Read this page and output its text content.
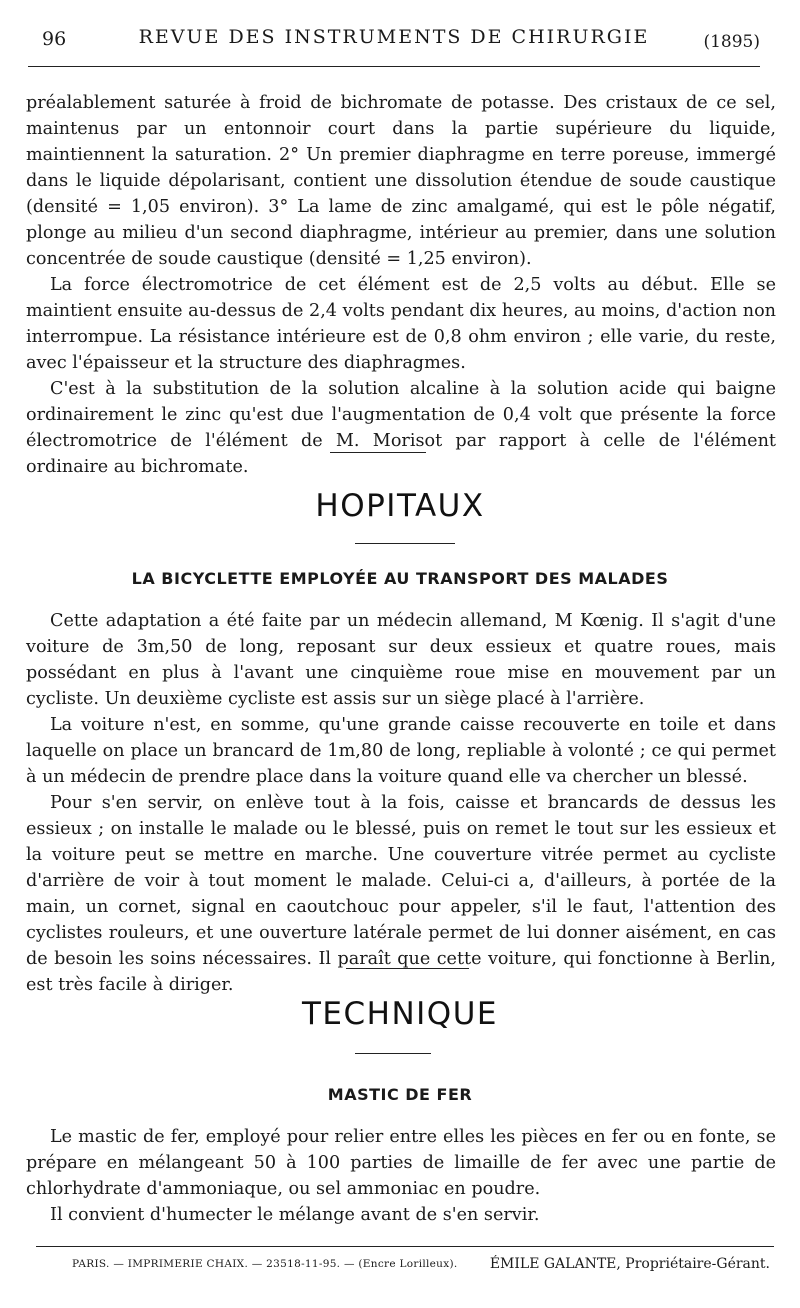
96	REVUE DES INSTRUMENTS DE CHIRURGIE	(1895)

préalablement saturée à froid de bichromate de potasse. Des cristaux de ce sel, maintenus par un entonnoir court dans la partie supérieure du liquide, maintiennent la saturation. 2° Un premier diaphragme en terre poreuse, immergé dans le liquide dépolarisant, contient une dissolution étendue de soude caustique (densité = 1,05 environ). 3° La lame de zinc amalgamé, qui est le pôle négatif, plonge au milieu d'un second diaphragme, intérieur au premier, dans une solution concentrée de soude caustique (densité = 1,25 environ).

La force électromotrice de cet élément est de 2,5 volts au début. Elle se maintient ensuite au-dessus de 2,4 volts pendant dix heures, au moins, d'action non interrompue. La résistance intérieure est de 0,8 ohm environ ; elle varie, du reste, avec l'épaisseur et la structure des diaphragmes.

C'est à la substitution de la solution alcaline à la solution acide qui baigne ordinairement le zinc qu'est due l'augmentation de 0,4 volt que présente la force électromotrice de l'élément de M. Morisot par rapport à celle de l'élément ordinaire au bichromate.

HOPITAUX
LA BICYCLETTE EMPLOYÉE AU TRANSPORT DES MALADES

Cette adaptation a été faite par un médecin allemand, M Kœnig. Il s'agit d'une voiture de 3m,50 de long, reposant sur deux essieux et quatre roues, mais possédant en plus à l'avant une cinquième roue mise en mouvement par un cycliste. Un deuxième cycliste est assis sur un siège placé à l'arrière.

La voiture n'est, en somme, qu'une grande caisse recouverte en toile et dans laquelle on place un brancard de 1m,80 de long, repliable à volonté ; ce qui permet à un médecin de prendre place dans la voiture quand elle va chercher un blessé.

Pour s'en servir, on enlève tout à la fois, caisse et brancards de dessus les essieux ; on installe le malade ou le blessé, puis on remet le tout sur les essieux et la voiture peut se mettre en marche. Une couverture vitrée permet au cycliste d'arrière de voir à tout moment le malade. Celui-ci a, d'ailleurs, à portée de la main, un cornet, signal en caoutchouc pour appeler, s'il le faut, l'attention des cyclistes rouleurs, et une ouverture latérale permet de lui donner aisément, en cas de besoin les soins nécessaires. Il paraît que cette voiture, qui fonctionne à Berlin, est très facile à diriger.

TECHNIQUE
MASTIC DE FER

Le mastic de fer, employé pour relier entre elles les pièces en fer ou en fonte, se prépare en mélangeant 50 à 100 parties de limaille de fer avec une partie de chlorhydrate d'ammoniaque, ou sel ammoniac en poudre.

Il convient d'humecter le mélange avant de s'en servir.

PARIS. — IMPRIMERIE CHAIX. — 23518-11-95. — (Encre Lorilleux). ÉMILE GALANTE, Propriétaire-Gérant.
